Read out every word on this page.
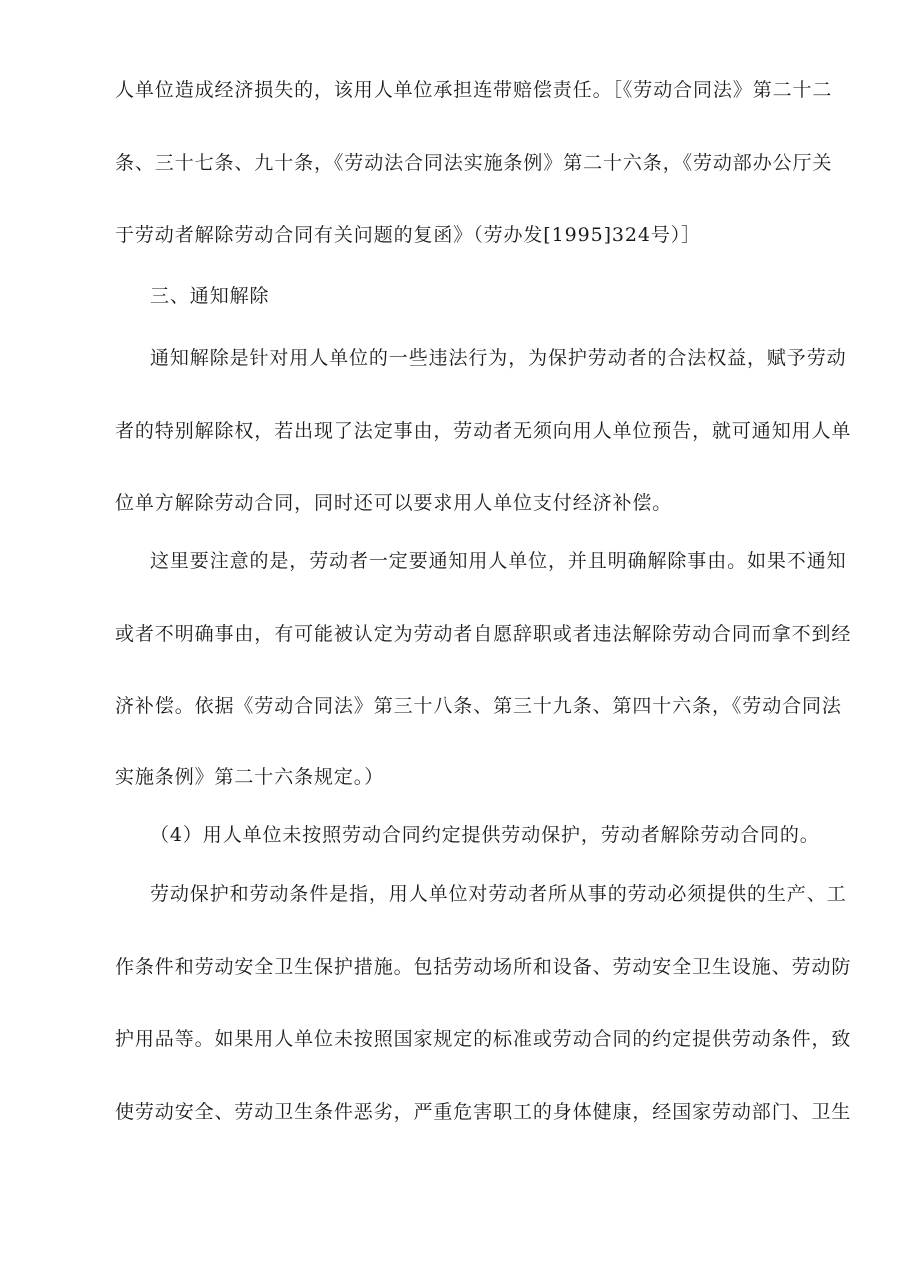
人单位造成经济损失的，该用人单位承担连带赔偿责任。［《劳动合同法》第二十二
条、三十七条、九十条，《劳动法合同法实施条例》第二十六条，《劳动部办公厅关
于劳动者解除劳动合同有关问题的复函》（劳办发[1995]324号）］
三、通知解除
通知解除是针对用人单位的一些违法行为，为保护劳动者的合法权益，赋予劳动
者的特别解除权，若出现了法定事由，劳动者无须向用人单位预告，就可通知用人单
位单方解除劳动合同，同时还可以要求用人单位支付经济补偿。
这里要注意的是，劳动者一定要通知用人单位，并且明确解除事由。如果不通知
或者不明确事由，有可能被认定为劳动者自愿辞职或者违法解除劳动合同而拿不到经
济补偿。依据《劳动合同法》第三十八条、第三十九条、第四十六条，《劳动合同法
实施条例》第二十六条规定。）
（4）用人单位未按照劳动合同约定提供劳动保护，劳动者解除劳动合同的。
劳动保护和劳动条件是指，用人单位对劳动者所从事的劳动必须提供的生产、工
作条件和劳动安全卫生保护措施。包括劳动场所和设备、劳动安全卫生设施、劳动防
护用品等。如果用人单位未按照国家规定的标准或劳动合同的约定提供劳动条件，致
使劳动安全、劳动卫生条件恶劣，严重危害职工的身体健康，经国家劳动部门、卫生
